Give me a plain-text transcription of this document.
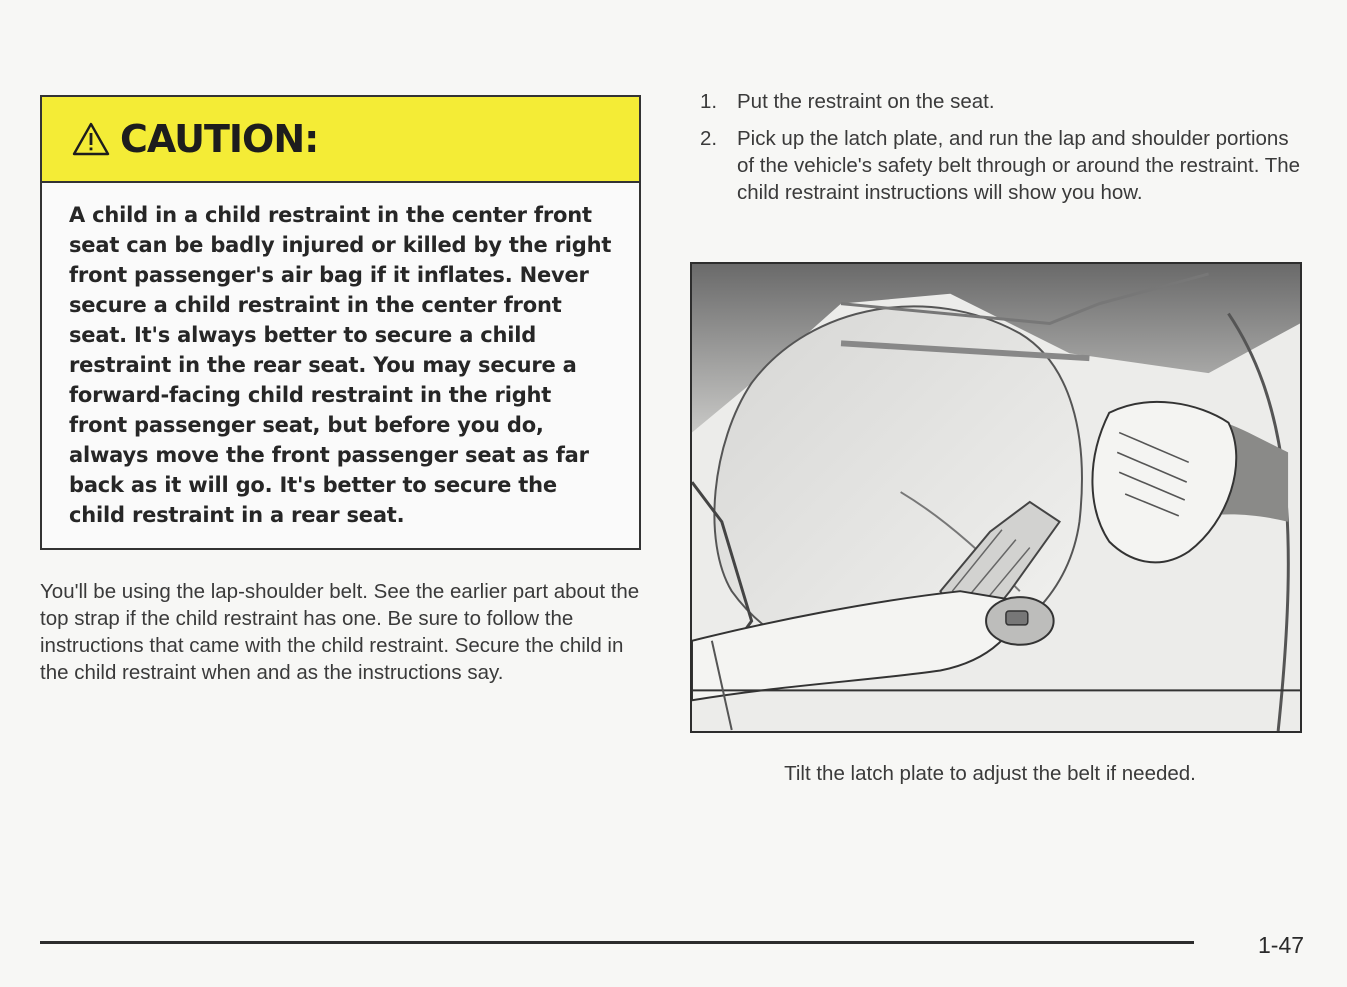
CAUTION:
A child in a child restraint in the center front seat can be badly injured or killed by the right front passenger's air bag if it inflates. Never secure a child restraint in the center front seat. It's always better to secure a child restraint in the rear seat. You may secure a forward-facing child restraint in the right front passenger seat, but before you do, always move the front passenger seat as far back as it will go. It's better to secure the child restraint in a rear seat.
You'll be using the lap-shoulder belt. See the earlier part about the top strap if the child restraint has one. Be sure to follow the instructions that came with the child restraint. Secure the child in the child restraint when and as the instructions say.
1. Put the restraint on the seat.
2. Pick up the latch plate, and run the lap and shoulder portions of the vehicle's safety belt through or around the restraint. The child restraint instructions will show you how.
Tilt the latch plate to adjust the belt if needed.
1-47
